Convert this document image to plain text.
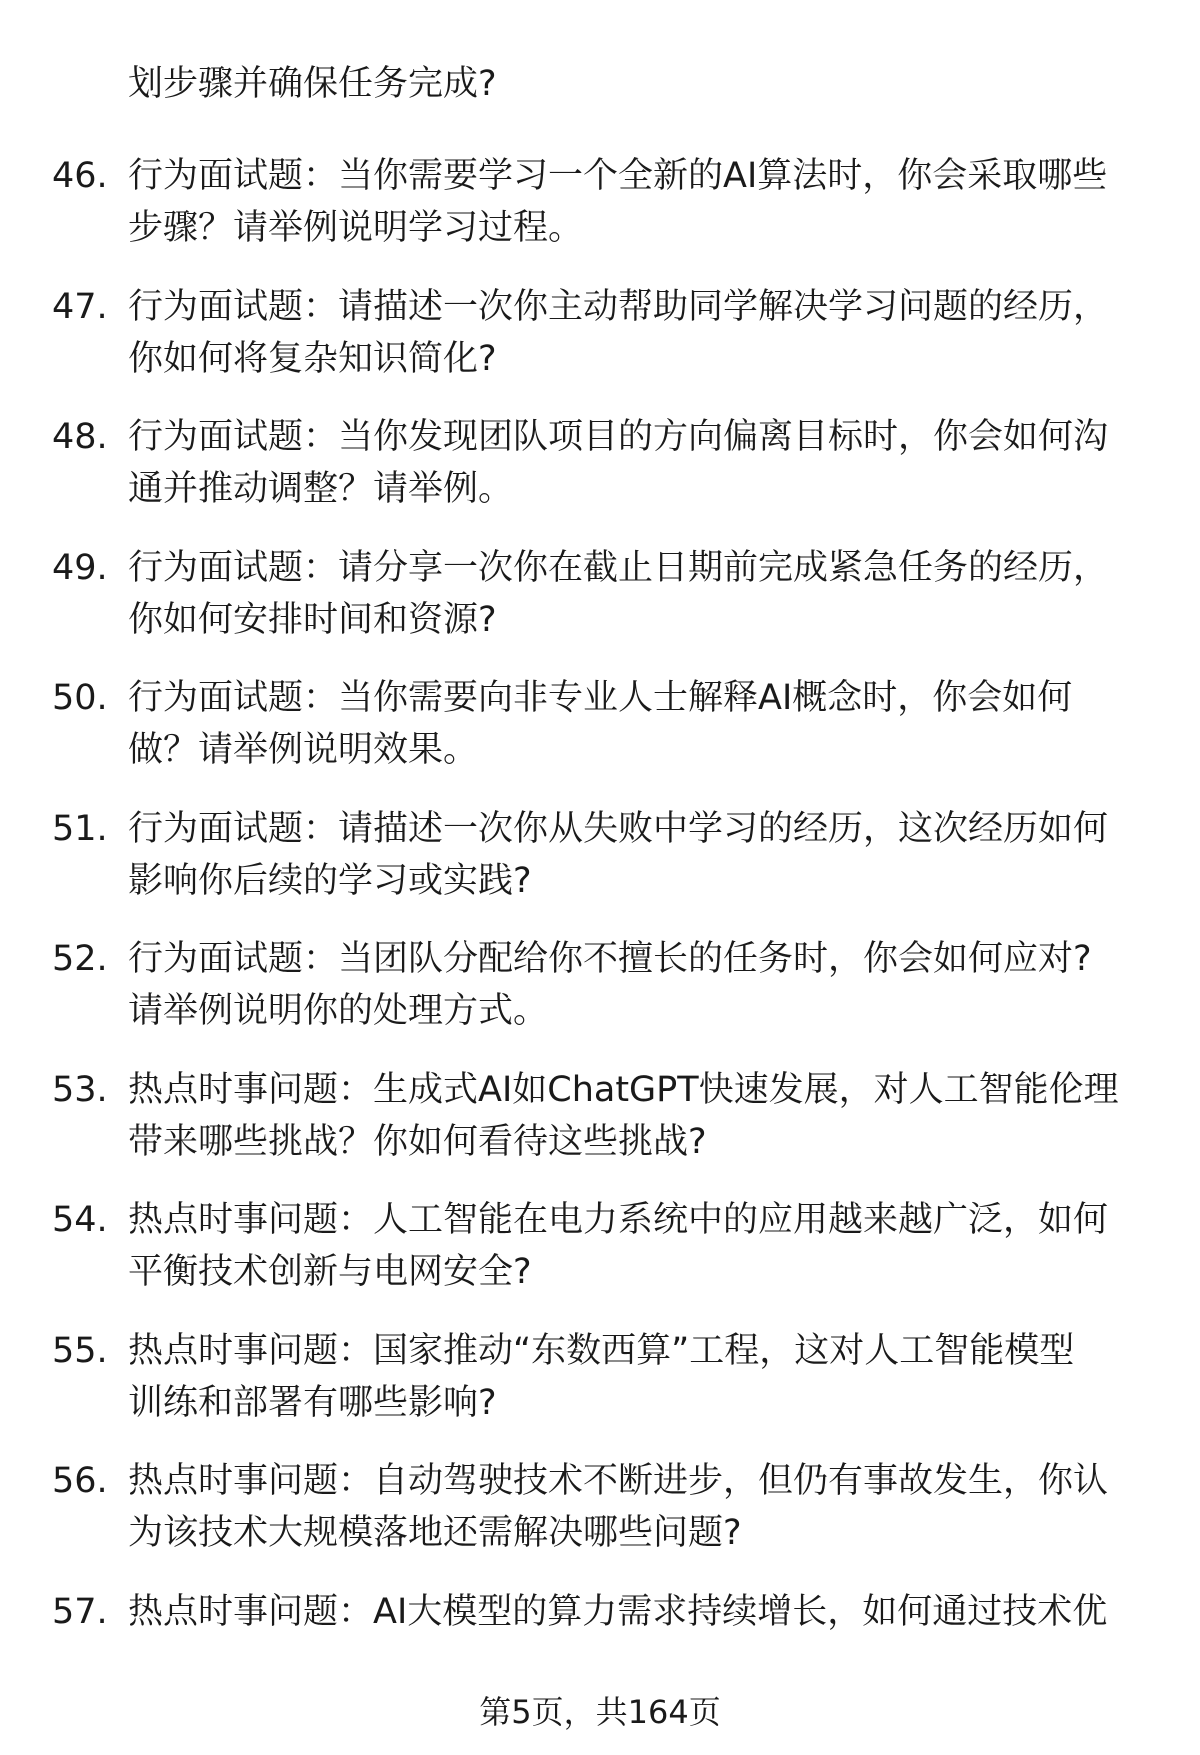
划步骤并确保任务完成?
46. 行为面试题：当你需要学习一个全新的AI算法时，你会采取哪些
步骤？请举例说明学习过程。
47. 行为面试题：请描述一次你主动帮助同学解决学习问题的经历，
你如何将复杂知识简化?
48. 行为面试题：当你发现团队项目的方向偏离目标时，你会如何沟
通并推动调整？请举例。
49. 行为面试题：请分享一次你在截止日期前完成紧急任务的经历，
你如何安排时间和资源?
50. 行为面试题：当你需要向非专业人士解释AI概念时，你会如何
做？请举例说明效果。
51. 行为面试题：请描述一次你从失败中学习的经历，这次经历如何
影响你后续的学习或实践?
52. 行为面试题：当团队分配给你不擅长的任务时，你会如何应对?
请举例说明你的处理方式。
53. 热点时事问题：生成式AI如ChatGPT快速发展，对人工智能伦理
带来哪些挑战？你如何看待这些挑战?
54. 热点时事问题：人工智能在电力系统中的应用越来越广泛，如何
平衡技术创新与电网安全?
55. 热点时事问题：国家推动“东数西算”工程，这对人工智能模型
训练和部署有哪些影响?
56. 热点时事问题：自动驾驶技术不断进步，但仍有事故发生，你认
为该技术大规模落地还需解决哪些问题?
57. 热点时事问题：AI大模型的算力需求持续增长，如何通过技术优
第5页，共164页
